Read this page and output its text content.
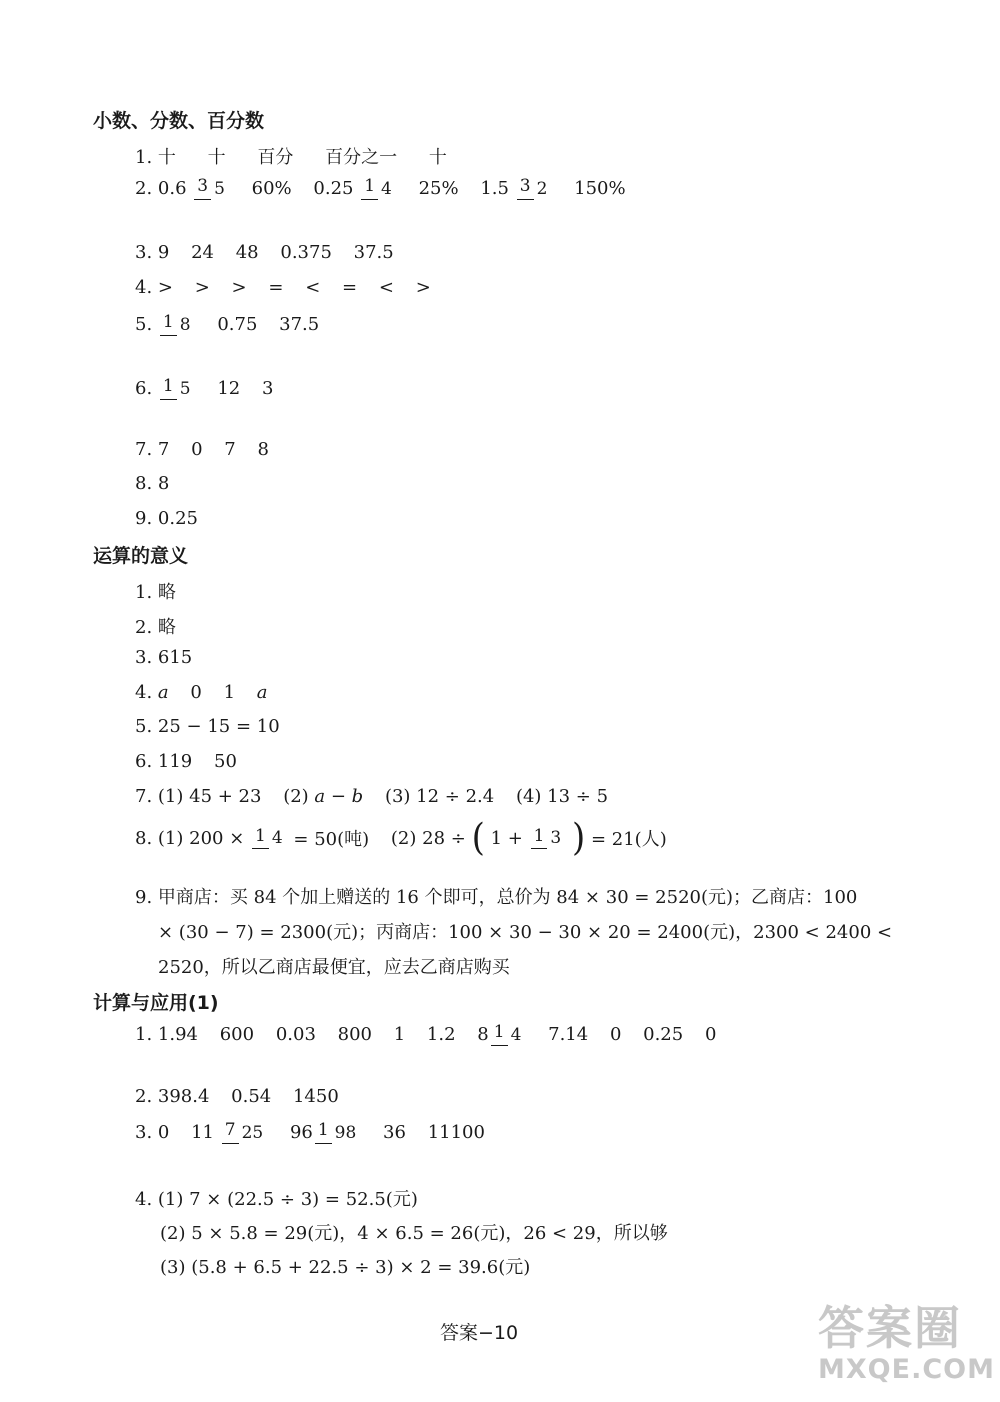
小数、分数、百分数
1. 十 十 百分 百分之一 十
2. 0.6 3 5 60% 0.25 1 4 25% 1.5 3 2 150%
3. 9 24 48 0.375 37.5
4. > > > = < = < >
5. 1 8 0.75 37.5
6. 1 5 12 3
7. 7 0 7 8
8. 8
9. 0.25
运算的意义
1. 略
2. 略
3. 615
4. a 0 1 a
5. 25 − 15 = 10
6. 119 50
7. (1) 45 + 23 (2) a − b (3) 12 ÷ 2.4 (4) 13 ÷ 5
8. (1) 200 × 1 4 = 50(吨) (2) 28 ÷ ( 1 + 1 3 ) = 21(人)
9. 甲商店：买 84 个加上赠送的 16 个即可，总价为 84 × 30 = 2520(元)；乙商店：100
× (30 − 7) = 2300(元)；丙商店：100 × 30 − 30 × 20 = 2400(元)，2300 < 2400 <
2520，所以乙商店最便宜，应去乙商店购买
计算与应用(1)
1. 1.94 600 0.03 800 1 1.2 8 1 4 7.14 0 0.25 0
2. 398.4 0.54 1450
3. 0 11 7 25 96 1 98 36 11100
4. (1) 7 × (22.5 ÷ 3) = 52.5(元)
(2) 5 × 5.8 = 29(元)，4 × 6.5 = 26(元)，26 < 29，所以够
(3) (5.8 + 6.5 + 22.5 ÷ 3) × 2 = 39.6(元)
答案−10	答案圈
MXQE.COM
